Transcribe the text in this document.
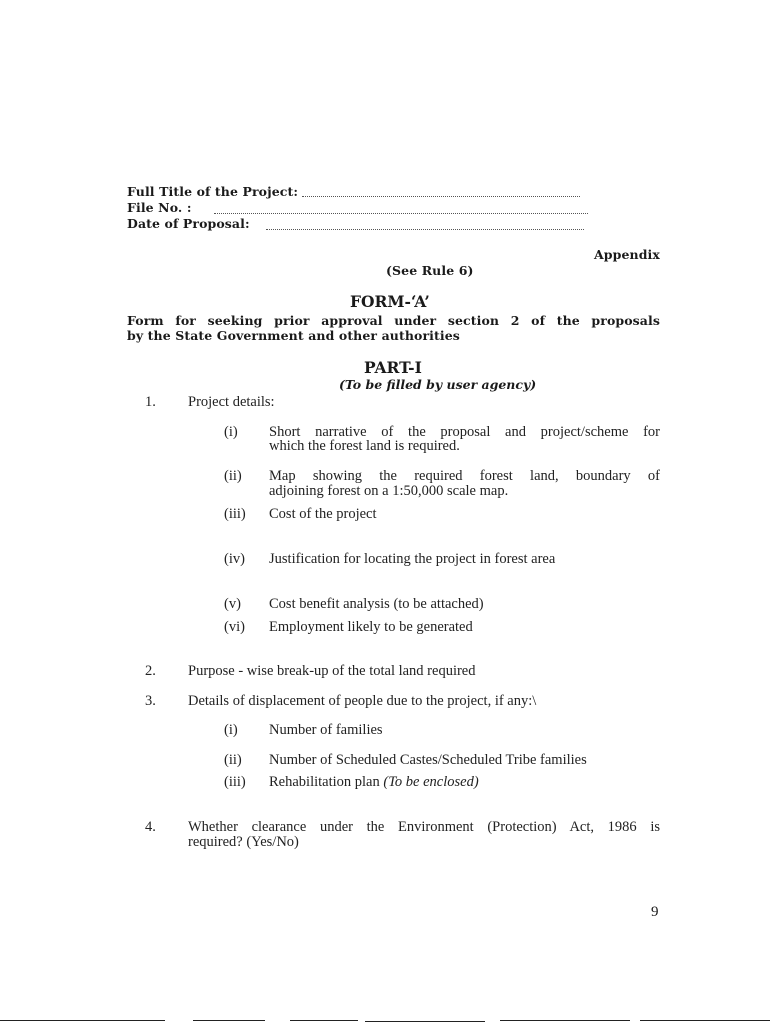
Full Title of the Project:
File No. :
Date of Proposal:
Appendix
(See Rule 6)
FORM-‘A’
Form for seeking prior approval under section 2 of the proposals
by the State Government and other authorities
PART-I
(To be filled by user agency)
1. Project details:
(i) Short narrative of the proposal and project/scheme for
which the forest land is required.
(ii) Map showing the required forest land, boundary of
adjoining forest on a 1:50,000 scale map.
(iii) Cost of the project
(iv) Justification for locating the project in forest area
(v) Cost benefit analysis (to be attached)
(vi) Employment likely to be generated
2. Purpose - wise break-up of the total land required
3. Details of displacement of people due to the project, if any:\
(i) Number of families
(ii) Number of Scheduled Castes/Scheduled Tribe families
(iii) Rehabilitation plan (To be enclosed)
4. Whether clearance under the Environment (Protection) Act, 1986 is
required? (Yes/No)
9
